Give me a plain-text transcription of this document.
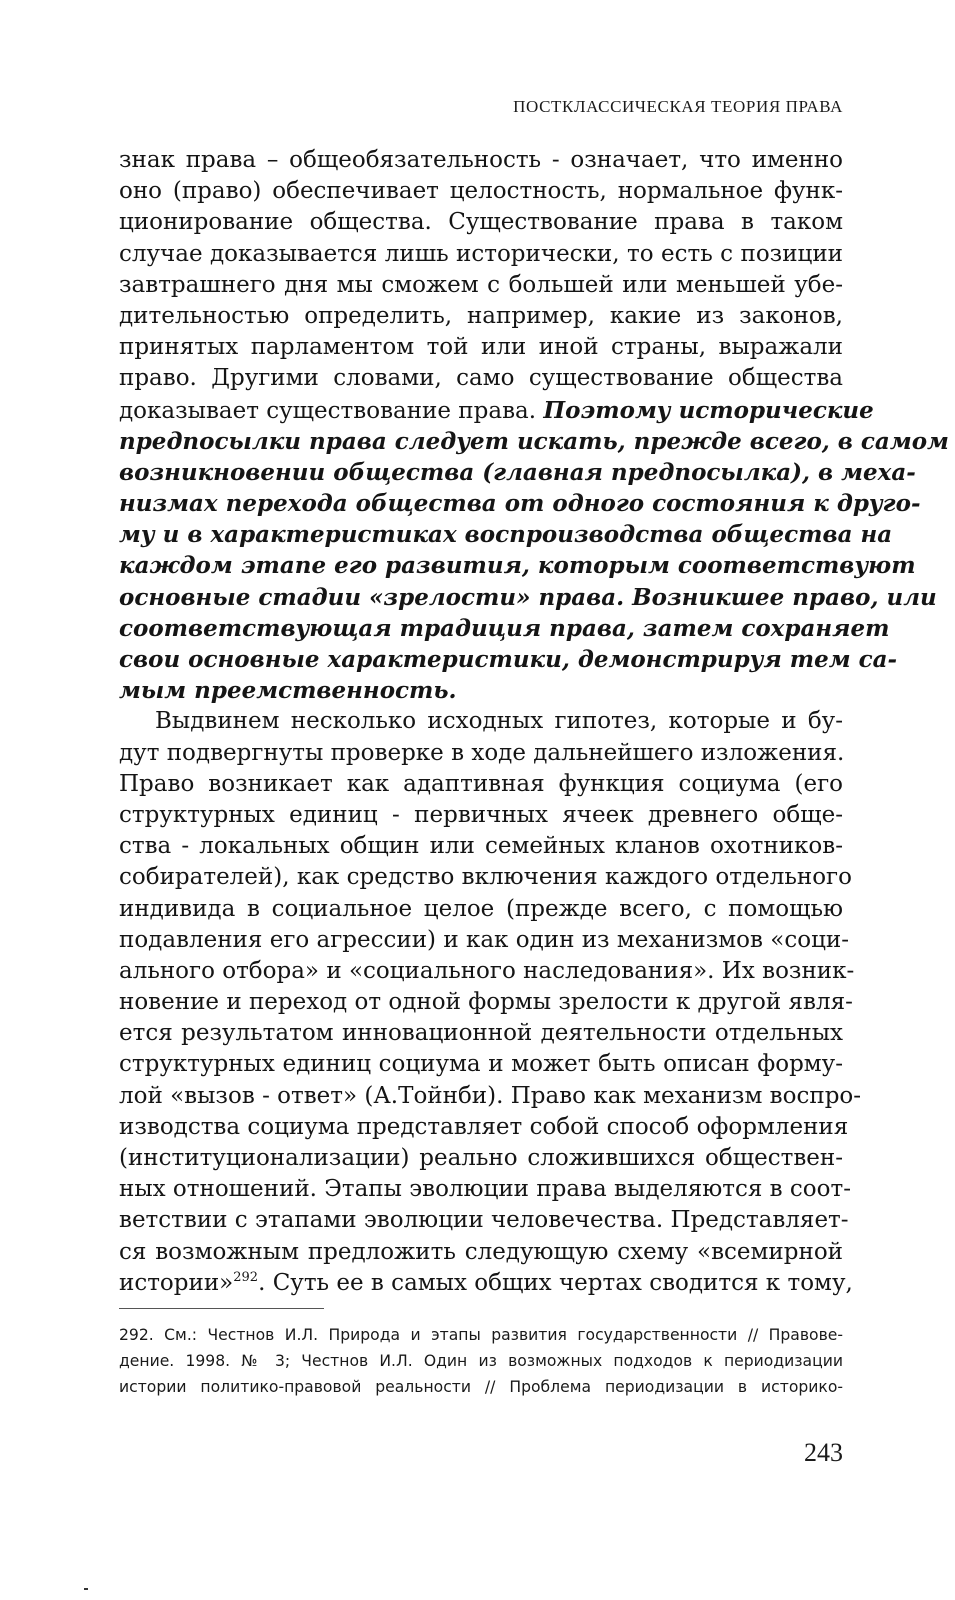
ПОСТКЛАССИЧЕСКАЯ ТЕОРИЯ ПРАВА
знак права – общеобязательность - означает, что именно
оно (право) обеспечивает целостность, нормальное функ-
ционирование общества. Существование права в таком
случае доказывается лишь исторически, то есть с позиции
завтрашнего дня мы сможем с большей или меньшей убе-
дительностью определить, например, какие из законов,
принятых парламентом той или иной страны, выражали
право. Другими словами, само существование общества
доказывает существование права. Поэтому исторические
предпосылки права следует искать, прежде всего, в самом
возникновении общества (главная предпосылка), в меха-
низмах перехода общества от одного состояния к друго-
му и в характеристиках воспроизводства общества на
каждом этапе его развития, которым соответствуют
основные стадии «зрелости» права. Возникшее право, или
соответствующая традиция права, затем сохраняет
свои основные характеристики, демонстрируя тем са-
мым преемственность.
Выдвинем несколько исходных гипотез, которые и бу-
дут подвергнуты проверке в ходе дальнейшего изложения.
Право возникает как адаптивная функция социума (его
структурных единиц - первичных ячеек древнего обще-
ства - локальных общин или семейных кланов охотников-
собирателей), как средство включения каждого отдельного
индивида в социальное целое (прежде всего, с помощью
подавления его агрессии) и как один из механизмов «соци-
ального отбора» и «социального наследования». Их возник-
новение и переход от одной формы зрелости к другой явля-
ется результатом инновационной деятельности отдельных
структурных единиц социума и может быть описан форму-
лой «вызов - ответ» (А.Тойнби). Право как механизм воспро-
изводства социума представляет собой способ оформления
(институционализации) реально сложившихся обществен-
ных отношений. Этапы эволюции права выделяются в соот-
ветствии с этапами эволюции человечества. Представляет-
ся возможным предложить следующую схему «всемирной
истории»$^{292}$. Суть ее в самых общих чертах сводится к тому,
292. См.: Честнов И.Л. Природа и этапы развития государственности // Правове-
дение. 1998. № 3; Честнов И.Л. Один из возможных подходов к периодизации
истории политико-правовой реальности // Проблема периодизации в историко-
243
